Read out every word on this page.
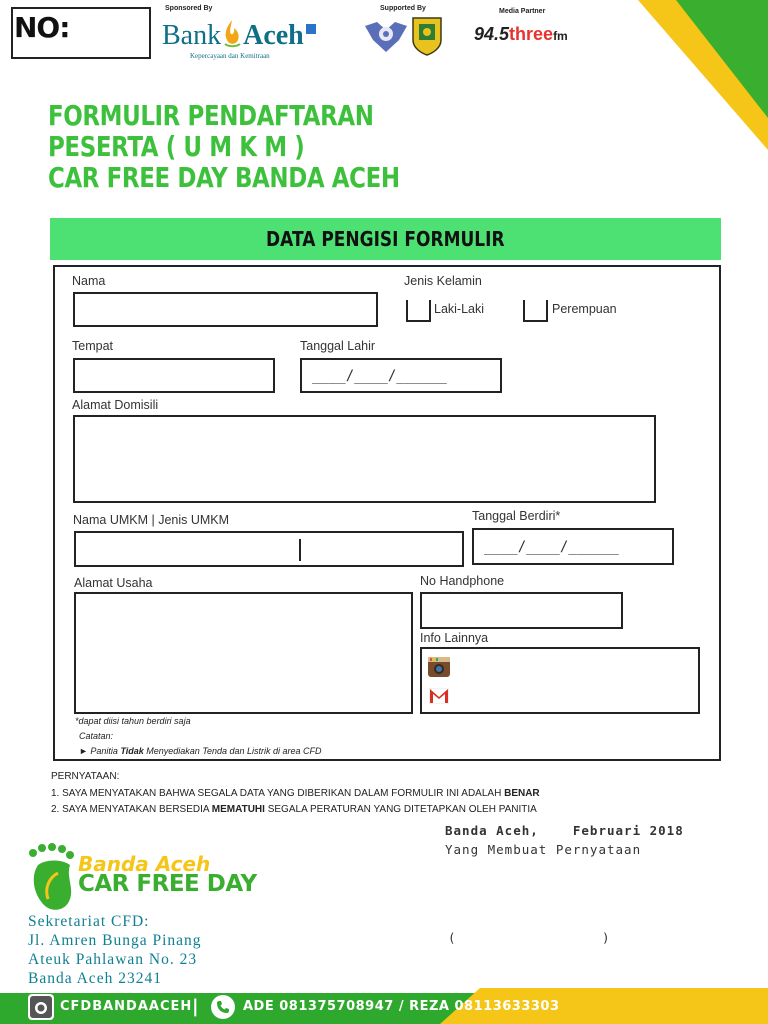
NO:
Sponsored By
Bank Aceh
Kepercayaan dan Kemitraan
Supported By	Media Partner
94.5threefm
FORMULIR PENDAFTARAN
PESERTA ( U M K M )
CAR FREE DAY BANDA ACEH
DATA PENGISI FORMULIR
Nama	Jenis Kelamin
Laki-Laki	Perempuan
Tempat	Tanggal Lahir
____/____/______
Alamat Domisili
Nama UMKM | Jenis UMKM	Tanggal Berdiri*
____/____/______
Alamat Usaha	No Handphone
Info Lainnya
*dapat diisi tahun berdiri saja
Catatan:
► Panitia Tidak Menyediakan Tenda dan Listrik di area CFD
PERNYATAAN:
1. SAYA MENYATAKAN BAHWA SEGALA DATA YANG DIBERIKAN DALAM FORMULIR INI ADALAH BENAR
2. SAYA MENYATAKAN BERSEDIA MEMATUHI SEGALA PERATURAN YANG DITETAPKAN OLEH PANITIA
Banda Aceh,    Februari 2018
Yang Membuat Pernyataan
(	)
Banda Aceh
CAR FREE DAY
Sekretariat CFD:
Jl. Amren Bunga Pinang
Ateuk Pahlawan No. 23
Banda Aceh 23241
CFDBANDAACEH |	ADE 081375708947 / REZA 08113633303
